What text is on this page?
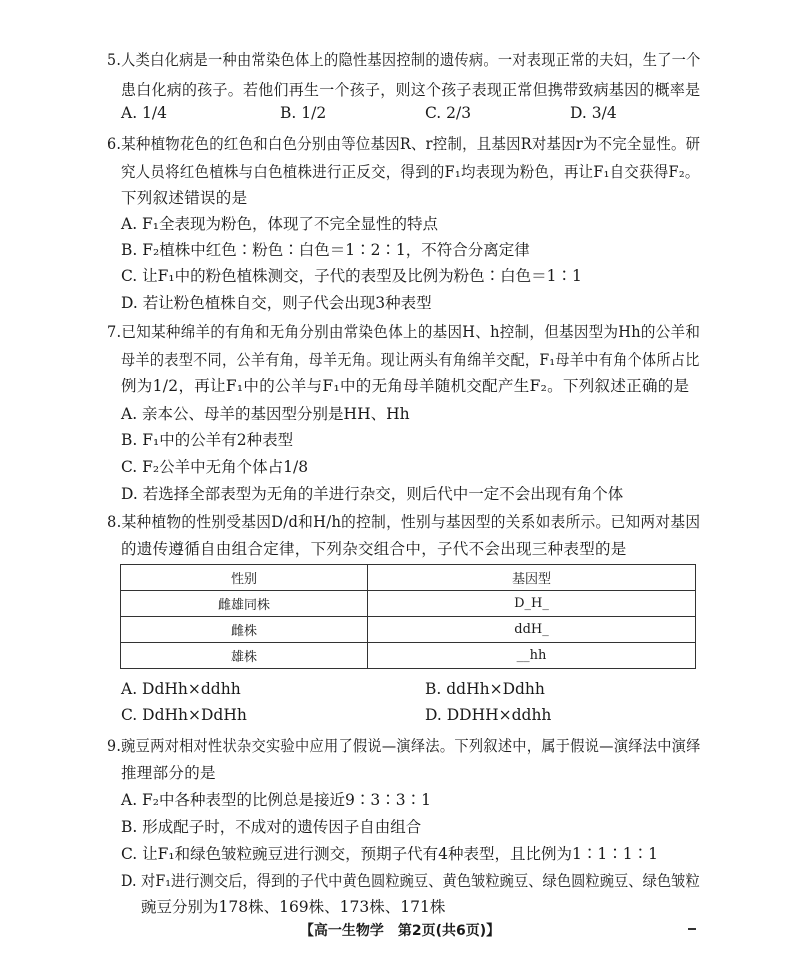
5.人类白化病是一种由常染色体上的隐性基因控制的遗传病。一对表现正常的夫妇，生了一个
患白化病的孩子。若他们再生一个孩子，则这个孩子表现正常但携带致病基因的概率是
A. 1/4	B. 1/2	C. 2/3	D. 3/4
6.某种植物花色的红色和白色分别由等位基因R、r控制，且基因R对基因r为不完全显性。研
究人员将红色植株与白色植株进行正反交，得到的F₁均表现为粉色，再让F₁自交获得F₂。
下列叙述错误的是
A. F₁全表现为粉色，体现了不完全显性的特点
B. F₂植株中红色∶粉色∶白色＝1∶2∶1，不符合分离定律
C. 让F₁中的粉色植株测交，子代的表型及比例为粉色∶白色＝1∶1
D. 若让粉色植株自交，则子代会出现3种表型
7.已知某种绵羊的有角和无角分别由常染色体上的基因H、h控制，但基因型为Hh的公羊和
母羊的表型不同，公羊有角，母羊无角。现让两头有角绵羊交配，F₁母羊中有角个体所占比
例为1/2，再让F₁中的公羊与F₁中的无角母羊随机交配产生F₂。下列叙述正确的是
A. 亲本公、母羊的基因型分别是HH、Hh
B. F₁中的公羊有2种表型
C. F₂公羊中无角个体占1/8
D. 若选择全部表型为无角的羊进行杂交，则后代中一定不会出现有角个体
8.某种植物的性别受基因D/d和H/h的控制，性别与基因型的关系如表所示。已知两对基因
的遗传遵循自由组合定律，下列杂交组合中，子代不会出现三种表型的是
性别	基因型
雌雄同株	D_H_
雌株	ddH_
雄株	__hh
A. DdHh×ddhh	B. ddHh×Ddhh
C. DdHh×DdHh	D. DDHH×ddhh
9.豌豆两对相对性状杂交实验中应用了假说—演绎法。下列叙述中，属于假说—演绎法中演绎
推理部分的是
A. F₂中各种表型的比例总是接近9∶3∶3∶1
B. 形成配子时，不成对的遗传因子自由组合
C. 让F₁和绿色皱粒豌豆进行测交，预期子代有4种表型，且比例为1∶1∶1∶1
D. 对F₁进行测交后，得到的子代中黄色圆粒豌豆、黄色皱粒豌豆、绿色圆粒豌豆、绿色皱粒
豌豆分别为178株、169株、173株、171株
【高一生物学　第2页(共6页)】
